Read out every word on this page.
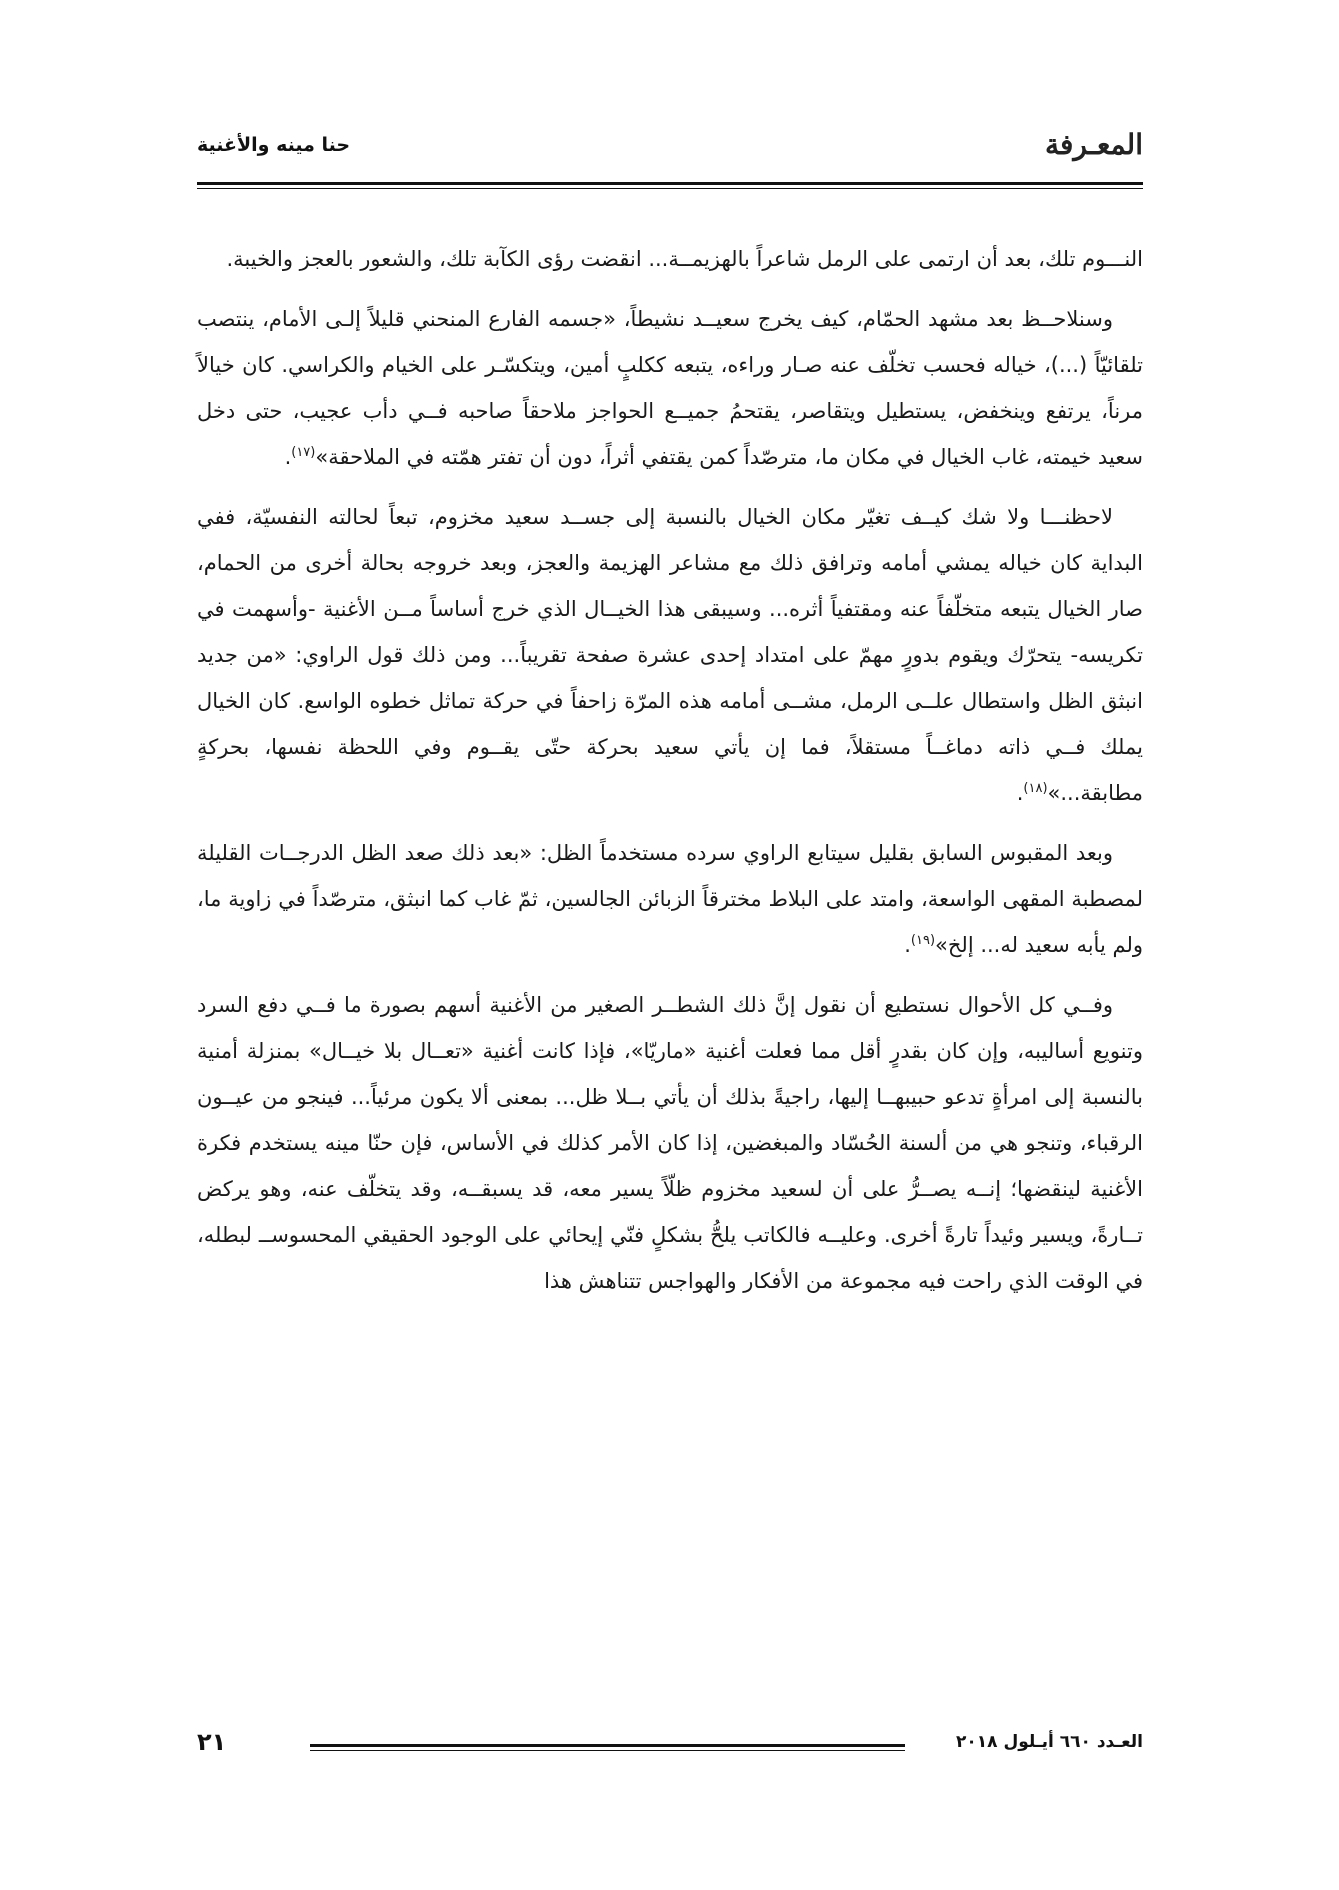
المعـرفة
حنا مينه والأغنية

النـــوم تلك، بعد أن ارتمى على الرمل شاعراً بالهزيمــة... انقضت رؤى الكآبة تلك، والشعور بالعجز والخيبة.

وسنلاحــظ بعد مشهد الحمّام، كيف يخرج سعيــد نشيطاً، «جسمه الفارع المنحني قليلاً إلـى الأمام، ينتصب تلقائيّاً (...)، خياله فحسب تخلّف عنه صـار وراءه، يتبعه ككلبٍ أمين، ويتكسّـر على الخيام والكراسي. كان خيالاً مرناً، يرتفع وينخفض، يستطيل ويتقاصر، يقتحمُ جميــع الحواجز ملاحقاً صاحبه فــي دأب عجيب، حتى دخل سعيد خيمته، غاب الخيال في مكان ما، مترصّداً كمن يقتفي أثراً، دون أن تفتر همّته في الملاحقة»$^{(١٧)}$.

لاحظنـــا ولا شك كيــف تغيّر مكان الخيال بالنسبة إلى جســد سعيد مخزوم، تبعاً لحالته النفسيّة، ففي البداية كان خياله يمشي أمامه وترافق ذلك مع مشاعر الهزيمة والعجز، وبعد خروجه بحالة أخرى من الحمام، صار الخيال يتبعه متخلّفاً عنه ومقتفياً أثره... وسيبقى هذا الخيــال الذي خرج أساساً مــن الأغنية -وأسهمت في تكريسه- يتحرّك ويقوم بدورٍ مهمّ على امتداد إحدى عشرة صفحة تقريباً... ومن ذلك قول الراوي: «من جديد انبثق الظل واستطال علــى الرمل، مشــى أمامه هذه المرّة زاحفاً في حركة تماثل خطوه الواسع. كان الخيال يملك فــي ذاته دماغــاً مستقلاً، فما إن يأتي سعيد بحركة حتّى يقــوم وفي اللحظة نفسها، بحركةٍ مطابقة...»$^{(١٨)}$.

وبعد المقبوس السابق بقليل سيتابع الراوي سرده مستخدماً الظل: «بعد ذلك صعد الظل الدرجــات القليلة لمصطبة المقهى الواسعة، وامتد على البلاط مخترقاً الزبائن الجالسين، ثمّ غاب كما انبثق، مترصّداً في زاوية ما، ولم يأبه سعيد له... إلخ»$^{(١٩)}$.

وفــي كل الأحوال نستطيع أن نقول إنَّ ذلك الشطــر الصغير من الأغنية أسهم بصورة ما فــي دفع السرد وتنويع أساليبه، وإن كان بقدرٍ أقل مما فعلت أغنية «ماريّا»، فإذا كانت أغنية «تعــال بلا خيــال» بمنزلة أمنية بالنسبة إلى امرأةٍ تدعو حبيبهــا إليها، راجيةً بذلك أن يأتي بــلا ظل... بمعنى ألا يكون مرئياً... فينجو من عيــون الرقباء، وتنجو هي من ألسنة الحُسّاد والمبغضين، إذا كان الأمر كذلك في الأساس، فإن حنّا مينه يستخدم فكرة الأغنية لينقضها؛ إنــه يصــرُّ على أن لسعيد مخزوم ظلّاً يسير معه، قد يسبقــه، وقد يتخلّف عنه، وهو يركض تــارةً، ويسير وئيداً تارةً أخرى. وعليــه فالكاتب يلحُّ بشكلٍ فنّي إيحائي على الوجود الحقيقي المحسوســ لبطله، في الوقت الذي راحت فيه مجموعة من الأفكار والهواجس تتناهش هذا

العـدد ٦٦٠ أيـلول ٢٠١٨
٢١
